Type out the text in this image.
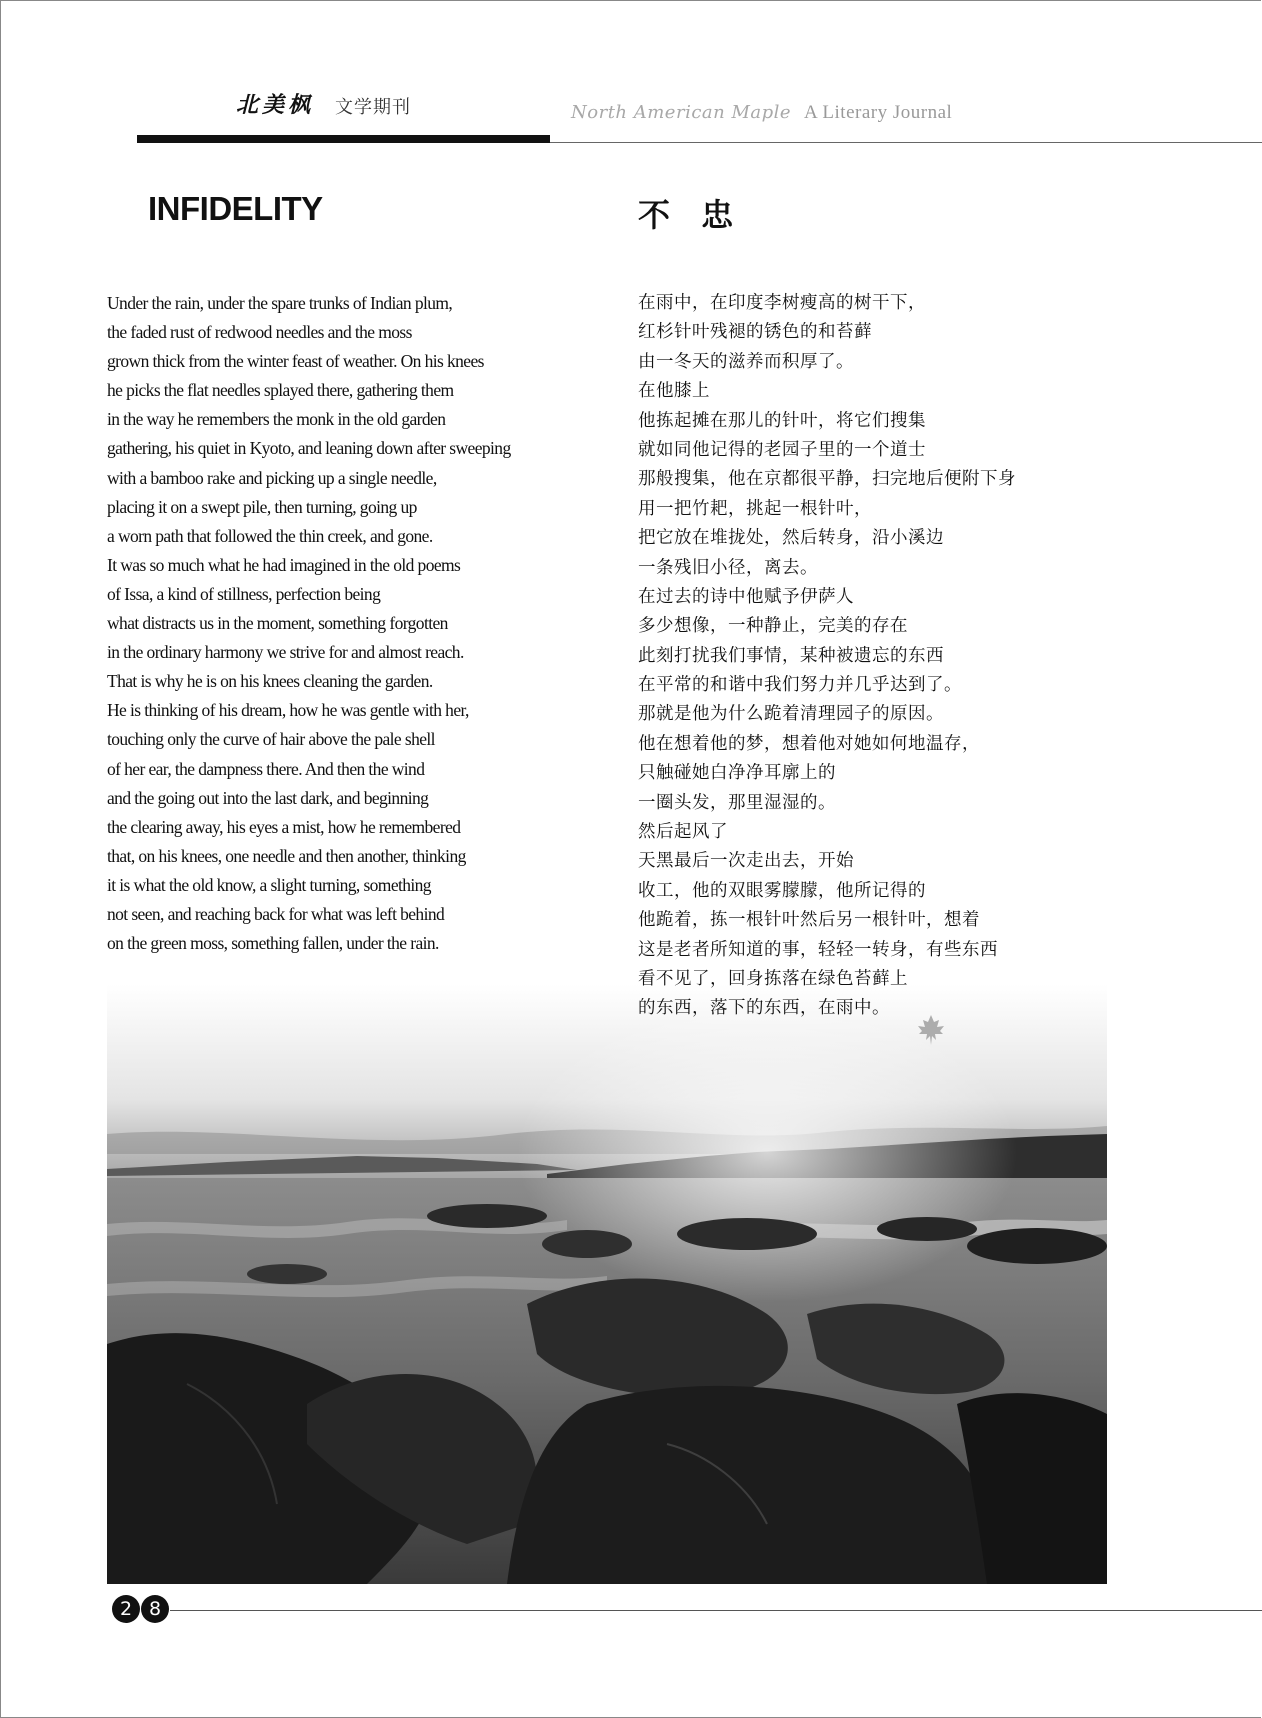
北美枫 文学期刊	North American Maple A Literary Journal
INFIDELITY	不 忠
Under the rain, under the spare trunks of Indian plum,
the faded rust of redwood needles and the moss
grown thick from the winter feast of weather. On his knees
he picks the flat needles splayed there, gathering them
in the way he remembers the monk in the old garden
gathering, his quiet in Kyoto, and leaning down after sweeping
with a bamboo rake and picking up a single needle,
placing it on a swept pile, then turning, going up
a worn path that followed the thin creek, and gone.
It was so much what he had imagined in the old poems
of Issa, a kind of stillness, perfection being
what distracts us in the moment, something forgotten
in the ordinary harmony we strive for and almost reach.
That is why he is on his knees cleaning the garden.
He is thinking of his dream, how he was gentle with her,
touching only the curve of hair above the pale shell
of her ear, the dampness there. And then the wind
and the going out into the last dark, and beginning
the clearing away, his eyes a mist, how he remembered
that, on his knees, one needle and then another, thinking
it is what the old know, a slight turning, something
not seen, and reaching back for what was left behind
on the green moss, something fallen, under the rain.
在雨中，在印度李树瘦高的树干下，
红杉针叶残褪的锈色的和苔藓
由一冬天的滋养而积厚了。
在他膝上
他拣起摊在那儿的针叶，将它们搜集
就如同他记得的老园子里的一个道士
那般搜集，他在京都很平静，扫完地后便附下身
用一把竹耙，挑起一根针叶，
把它放在堆拢处，然后转身，沿小溪边
一条残旧小径，离去。
在过去的诗中他赋予伊萨人
多少想像，一种静止，完美的存在
此刻打扰我们事情，某种被遗忘的东西
在平常的和谐中我们努力并几乎达到了。
那就是他为什么跪着清理园子的原因。
他在想着他的梦，想着他对她如何地温存，
只触碰她白净净耳廓上的
一圈头发，那里湿湿的。
然后起风了
天黑最后一次走出去，开始
收工，他的双眼雾朦朦，他所记得的
他跪着，拣一根针叶然后另一根针叶，想着
这是老者所知道的事，轻轻一转身，有些东西
看不见了，回身拣落在绿色苔藓上
的东西，落下的东西，在雨中。
2 8
